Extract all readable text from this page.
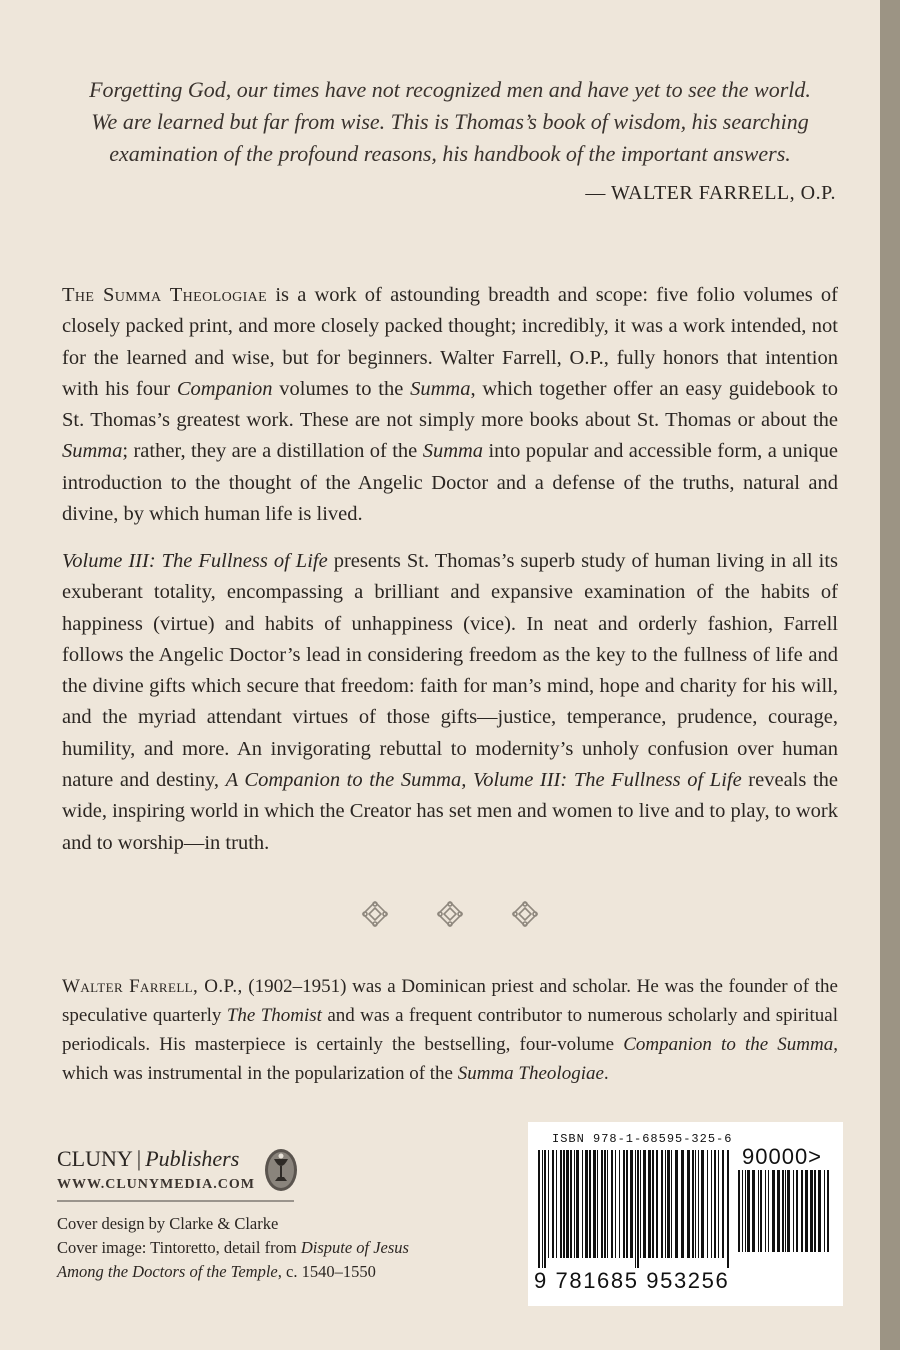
Forgetting God, our times have not recognized men and have yet to see the world.

We are learned but far from wise. This is Thomas’s book of wisdom, his searching

examination of the profound reasons, his handbook of the important answers.

— WALTER FARRELL, O.P.

The Summa Theologiae is a work of astounding breadth and scope: five folio volumes of closely packed print, and more closely packed thought; incredibly, it was a work intended, not for the learned and wise, but for beginners. Walter Farrell, O.P., fully honors that intention with his four Companion volumes to the Summa, which together offer an easy guidebook to St. Thomas’s greatest work. These are not simply more books about St. Thomas or about the Summa; rather, they are a distillation of the Summa into popular and accessible form, a unique introduction to the thought of the Angelic Doctor and a defense of the truths, natural and divine, by which human life is lived.

Volume III: The Fullness of Life presents St. Thomas’s superb study of human living in all its exuberant totality, encompassing a brilliant and expansive examination of the habits of happiness (virtue) and habits of unhappiness (vice). In neat and orderly fashion, Farrell follows the Angelic Doctor’s lead in considering freedom as the key to the fullness of life and the divine gifts which secure that freedom: faith for man’s mind, hope and charity for his will, and the myriad attendant virtues of those gifts—justice, temperance, prudence, courage, humility, and more. An invigorating rebuttal to modernity’s unholy confusion over human nature and destiny, A Companion to the Summa, Volume III: The Fullness of Life reveals the wide, inspiring world in which the Creator has set men and women to live and to play, to work and to worship—in truth.

Walter Farrell, O.P., (1902–1951) was a Dominican priest and scholar. He was the founder of the speculative quarterly The Thomist and was a frequent contributor to numerous scholarly and spiritual periodicals. His masterpiece is certainly the bestselling, four-volume Companion to the Summa, which was instrumental in the popularization of the Summa Theologiae.

CLUNY | Publishers
WWW.CLUNYMEDIA.COM

Cover design by Clarke & Clarke

Cover image: Tintoretto, detail from Dispute of Jesus Among the Doctors of the Temple, c. 1540–1550

ISBN 978-1-68595-325-6
90000>
9 781685 953256
